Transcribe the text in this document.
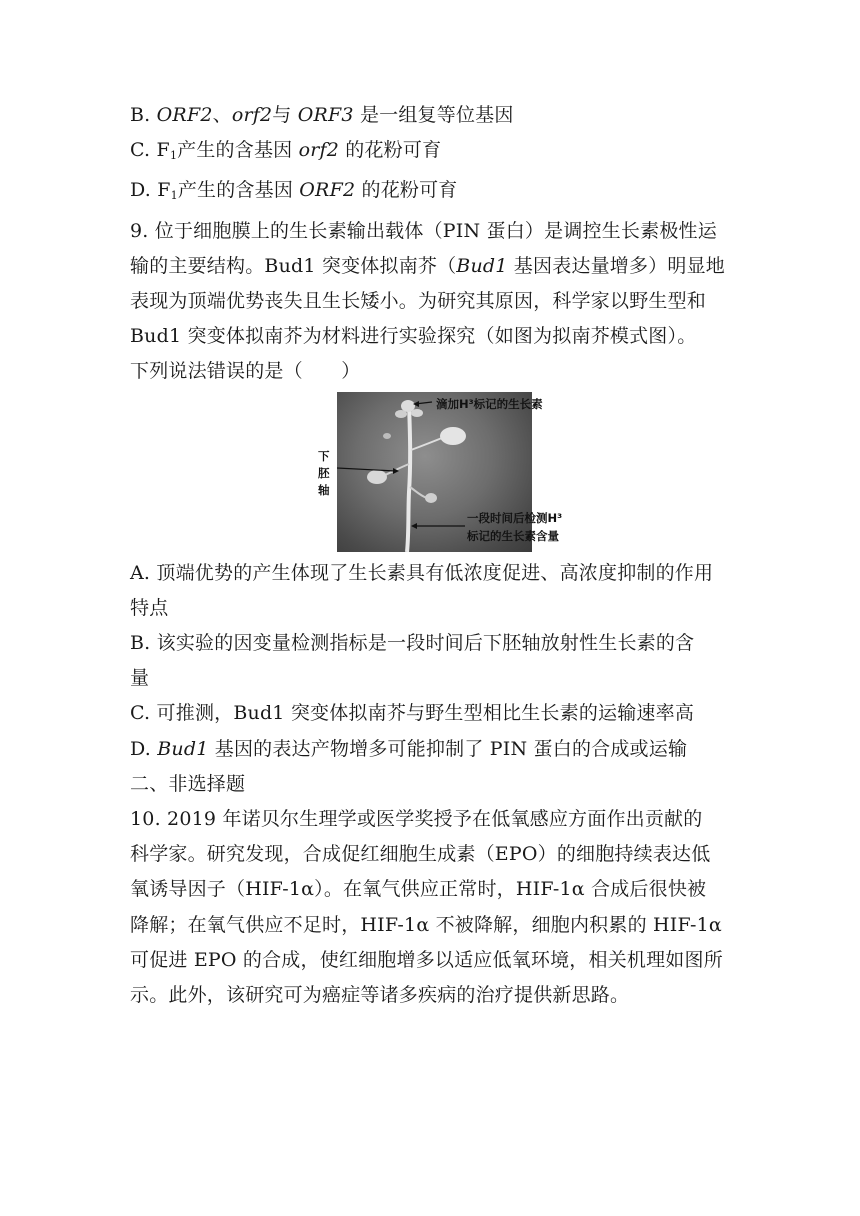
B. ORF2、orf2与 ORF3 是一组复等位基因
C. $F_1$产生的含基因 orf2 的花粉可育
D. $F_1$产生的含基因 ORF2 的花粉可育
9. 位于细胞膜上的生长素输出载体（PIN 蛋白）是调控生长素极性运
输的主要结构。Bud1 突变体拟南芥（Bud1 基因表达量增多）明显地
表现为顶端优势丧失且生长矮小。为研究其原因，科学家以野生型和
Bud1 突变体拟南芥为材料进行实验探究（如图为拟南芥模式图）。
下列说法错误的是（　　）
滴加H³标记的生长素
一段时间后检测H³
标记的生长素含量
下
胚
轴
A. 顶端优势的产生体现了生长素具有低浓度促进、高浓度抑制的作用
特点
B. 该实验的因变量检测指标是一段时间后下胚轴放射性生长素的含
量
C. 可推测，Bud1 突变体拟南芥与野生型相比生长素的运输速率高
D. Bud1 基因的表达产物增多可能抑制了 PIN 蛋白的合成或运输
二、非选择题
10. 2019 年诺贝尔生理学或医学奖授予在低氧感应方面作出贡献的
科学家。研究发现，合成促红细胞生成素（EPO）的细胞持续表达低
氧诱导因子（HIF-1α）。在氧气供应正常时，HIF-1α 合成后很快被
降解；在氧气供应不足时，HIF-1α 不被降解，细胞内积累的 HIF-1α
可促进 EPO 的合成，使红细胞增多以适应低氧环境，相关机理如图所
示。此外，该研究可为癌症等诸多疾病的治疗提供新思路。
